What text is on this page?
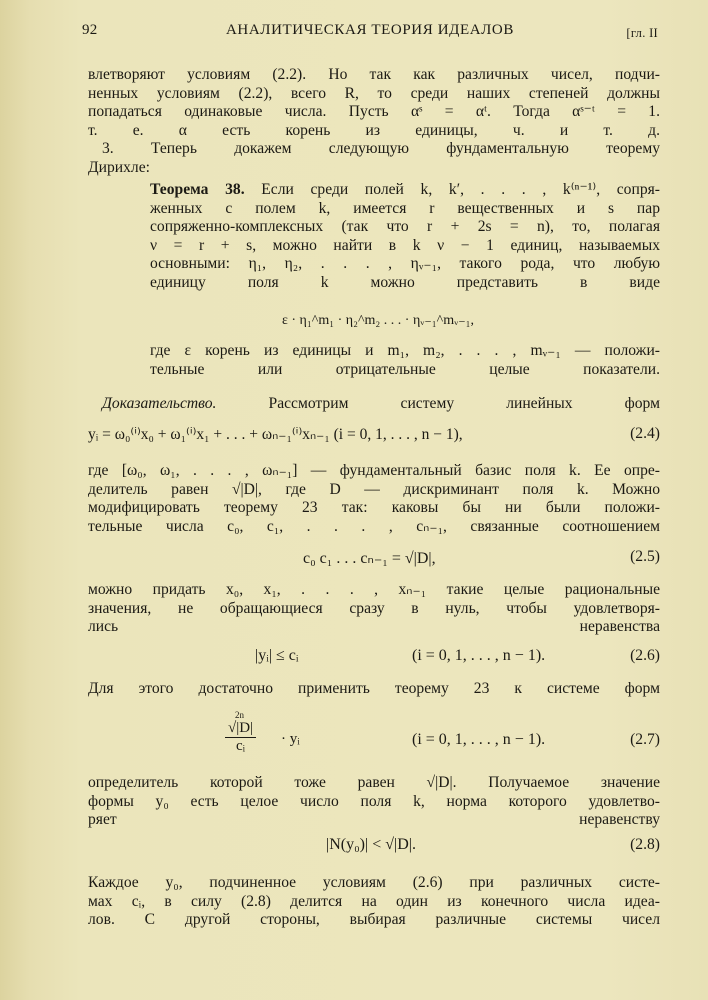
92	АНАЛИТИЧЕСКАЯ ТЕОРИЯ ИДЕАЛОВ	[гл. II
влетворяют условиям (2.2). Но так как различных чисел, подчи-
ненных условиям (2.2), всего R, то среди наших степеней должны
попадаться одинаковые числа. Пусть αˢ = αᵗ. Тогда αˢ⁻ᵗ = 1.
т. е. α есть корень из единицы, ч. и т. д.
3. Теперь докажем следующую фундаментальную теорему
Дирихле:
Теорема 38. Если среди полей k, k′, . . . , k⁽ⁿ⁻¹⁾, сопря-
женных с полем k, имеется r вещественных и s пар
сопряженно-комплексных (так что r + 2s = n), то, полагая
ν = r + s, можно найти в k ν − 1 единиц, называемых
основными: η₁, η₂, . . . , ηᵥ₋₁, такого рода, что любую
единицу поля k можно представить в виде
ε · η₁^m₁ · η₂^m₂ . . . · ηᵥ₋₁^mᵥ₋₁,
где ε корень из единицы и m₁, m₂, . . . , mᵥ₋₁ — положи-
тельные или отрицательные целые показатели.
Доказательство.	Рассмотрим систему линейных форм
yᵢ = ω₀⁽ⁱ⁾x₀ + ω₁⁽ⁱ⁾x₁ + . . . + ωₙ₋₁⁽ⁱ⁾xₙ₋₁ (i = 0, 1, . . . , n − 1),	(2.4)
где [ω₀, ω₁, . . . , ωₙ₋₁] — фундаментальный базис поля k. Ее опре-
делитель равен √|D|, где D — дискриминант поля k. Можно
модифицировать теорему 23 так: каковы бы ни были положи-
тельные числа c₀, c₁, . . . , cₙ₋₁, связанные соотношением
c₀ c₁ . . . cₙ₋₁ = √|D|,	(2.5)
можно придать x₀, x₁, . . . , xₙ₋₁ такие целые рациональные
значения, не обращающиеся сразу в нуль, чтобы удовлетворя-
лись неравенства
|yᵢ| ≤ cᵢ	(i = 0, 1, . . . , n − 1).	(2.6)
Для этого достаточно применить теорему 23 к системе форм
2n
$\frac{√|D|}{\text{cᵢ}}$ · yᵢ	(i = 0, 1, . . . , n − 1).	(2.7)
определитель которой тоже равен √|D|. Получаемое значение
формы y₀ есть целое число поля k, норма которого удовлетво-
ряет неравенству
|N(y₀)| < √|D|.	(2.8)
Каждое y₀, подчиненное условиям (2.6) при различных систе-
мах cᵢ, в силу (2.8) делится на один из конечного числа идеа-
лов. С другой стороны, выбирая различные системы чисел
